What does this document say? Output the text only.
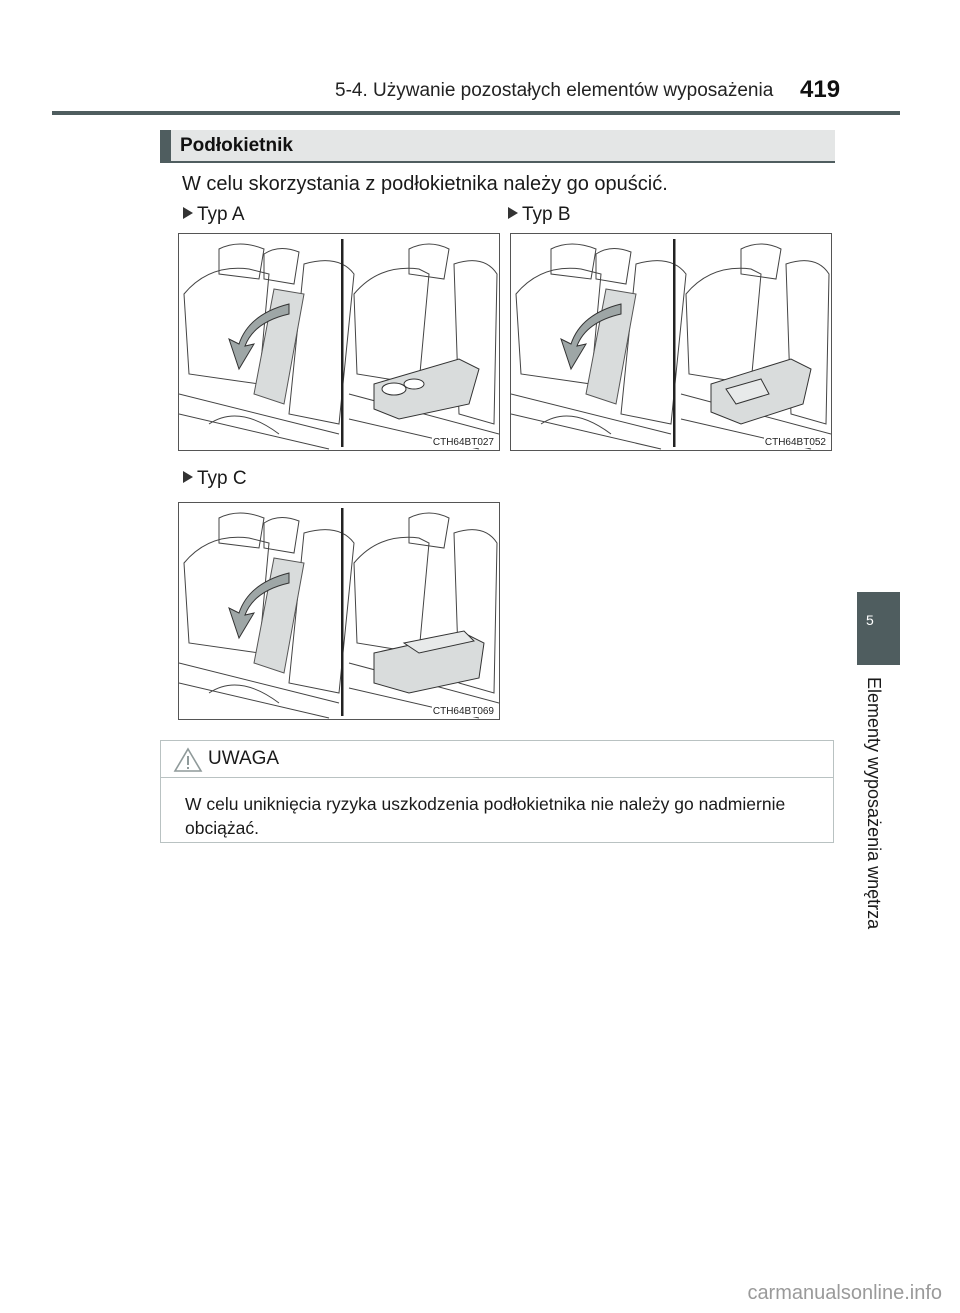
5-4. Używanie pozostałych elementów wyposażenia 419
Podłokietnik
W celu skorzystania z podłokietnika należy go opuścić.
Typ A
CTH64BT027
Typ B
CTH64BT052
Typ C
CTH64BT069
UWAGA
W celu uniknięcia ryzyka uszkodzenia podłokietnika nie należy go nadmiernie obciążać.
5
Elementy wyposażenia wnętrza
carmanualsonline.info
